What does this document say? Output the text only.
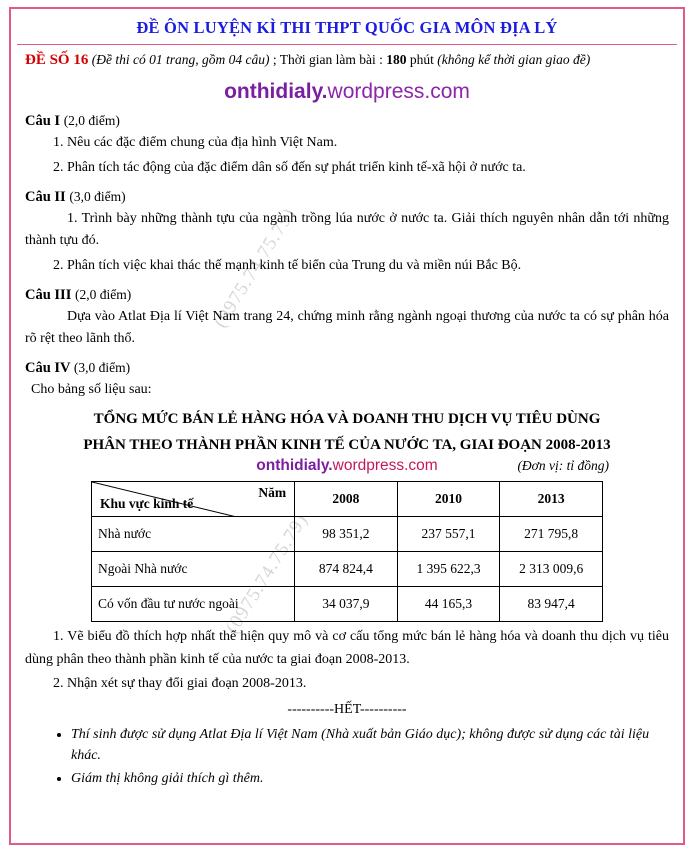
(0975.74.75.79)
(0975.74.75.79)
ĐỀ ÔN LUYỆN KÌ THI THPT QUỐC GIA MÔN ĐỊA LÝ
ĐỀ SỐ 16 (Đề thi có 01 trang, gồm 04 câu) ; Thời gian làm bài : 180 phút (không kể thời gian giao đề)
onthidialy.wordpress.com
Câu I (2,0 điểm)
1. Nêu các đặc điểm chung của địa hình Việt Nam.
2. Phân tích tác động của đặc điểm dân số đến sự phát triển kinh tế-xã hội ở nước ta.
Câu II (3,0 điểm)
1. Trình bày những thành tựu của ngành trồng lúa nước ở nước ta. Giải thích nguyên nhân dẫn tới những thành tựu đó.
2. Phân tích việc khai thác thế mạnh kinh tế biển của Trung du và miền núi Bắc Bộ.
Câu III (2,0 điểm)
Dựa vào Atlat Địa lí Việt Nam trang 24, chứng minh rằng ngành ngoại thương của nước ta có sự phân hóa rõ rệt theo lãnh thổ.
Câu IV (3,0 điểm)
Cho bảng số liệu sau:
TỔNG MỨC BÁN LẺ HÀNG HÓA VÀ DOANH THU DỊCH VỤ TIÊU DÙNG
PHÂN THEO THÀNH PHẦN KINH TẾ CỦA NƯỚC TA, GIAI ĐOẠN 2008-2013
onthidialy.wordpress.com	(Đơn vị: tỉ đồng)
Năm
Khu vực kinh tế	2008	2010	2013
Nhà nước	98 351,2	237 557,1	271 795,8
Ngoài Nhà nước	874 824,4	1 395 622,3	2 313 009,6
Có vốn đầu tư nước ngoài	34 037,9	44 165,3	83 947,4
1. Vẽ biểu đồ thích hợp nhất thể hiện quy mô và cơ cấu tổng mức bán lẻ hàng hóa và doanh thu dịch vụ tiêu dùng phân theo thành phần kinh tế của nước ta giai đoạn 2008-2013.
2. Nhận xét sự thay đổi giai đoạn 2008-2013.
----------HẾT----------
• Thí sinh được sử dụng Atlat Địa lí Việt Nam (Nhà xuất bản Giáo dục); không được sử dụng các tài liệu khác.
• Giám thị không giải thích gì thêm.
